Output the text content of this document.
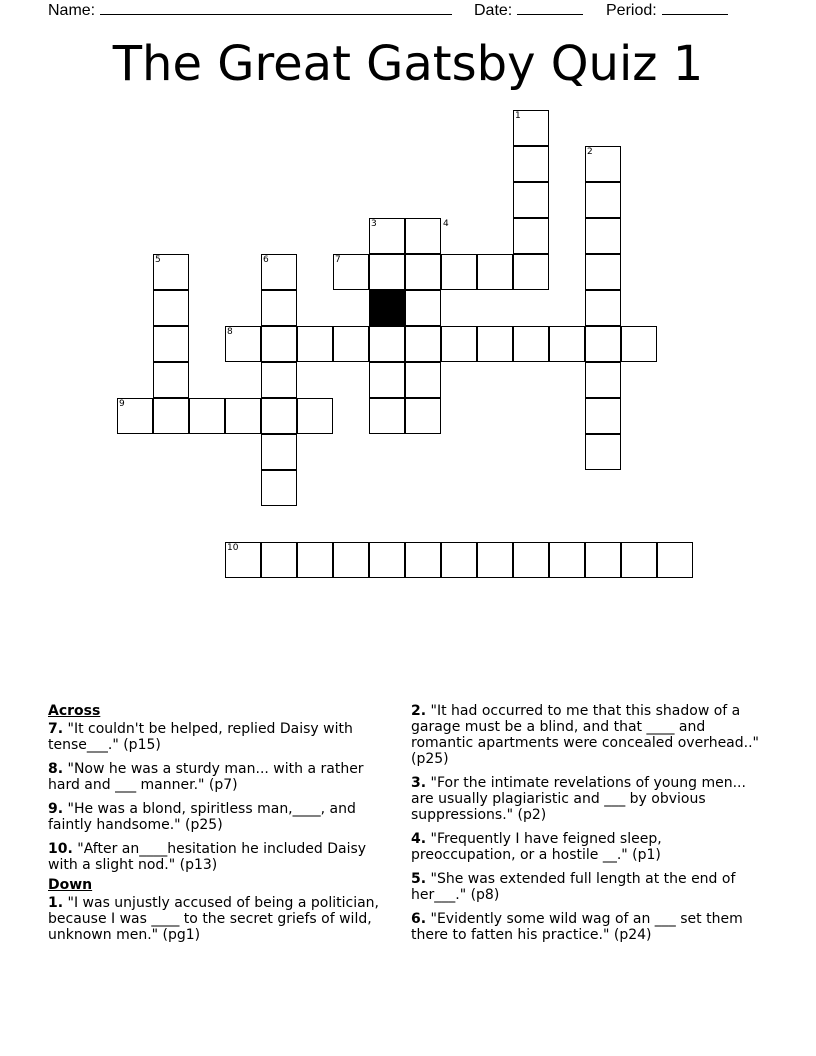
Name:	Date:	Period:
The Great Gatsby Quiz 1
1
2
3	4
5	6	7
8
9
10
Across
7. "It couldn't be helped, replied Daisy with tense___." (p15)
8. "Now he was a sturdy man... with a rather hard and ___ manner." (p7)
9. "He was a blond, spiritless man,____, and faintly handsome." (p25)
10. "After an____hesitation he included Daisy with a slight nod." (p13)
Down
1. "I was unjustly accused of being a politician, because I was ____ to the secret griefs of wild, unknown men." (pg1)
2. "It had occurred to me that this shadow of a garage must be a blind, and that ____ and romantic apartments were concealed overhead.." (p25)
3. "For the intimate revelations of young men... are usually plagiaristic and ___ by obvious suppressions." (p2)
4. "Frequently I have feigned sleep, preoccupation, or a hostile __." (p1)
5. "She was extended full length at the end of her___." (p8)
6. "Evidently some wild wag of an ___ set them there to fatten his practice." (p24)
